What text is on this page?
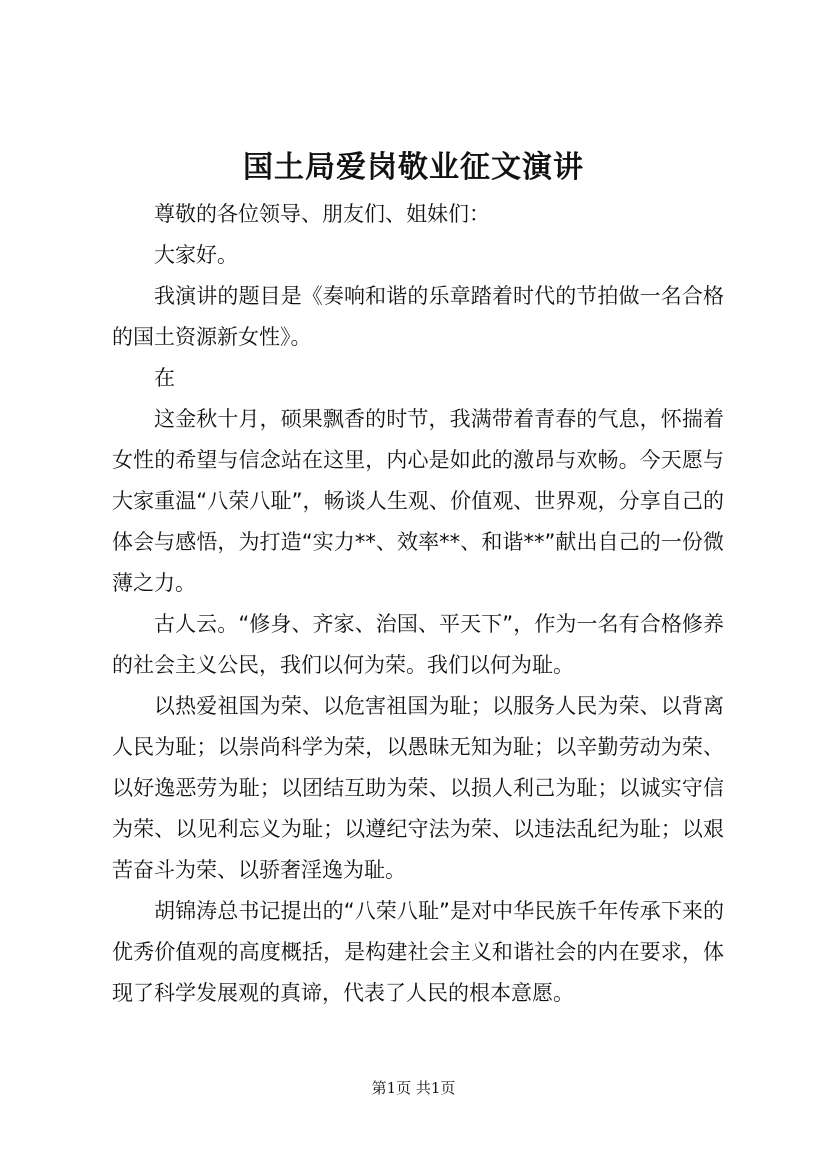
国土局爱岗敬业征文演讲

尊敬的各位领导、朋友们、姐妹们：

大家好。

我演讲的题目是《奏响和谐的乐章踏着时代的节拍做一名合格的国土资源新女性》。

在

这金秋十月，硕果飘香的时节，我满带着青春的气息，怀揣着女性的希望与信念站在这里，内心是如此的激昂与欢畅。今天愿与大家重温“八荣八耻”，畅谈人生观、价值观、世界观，分享自己的体会与感悟，为打造“实力**、效率**、和谐**”献出自己的一份微薄之力。

古人云。“修身、齐家、治国、平天下”，作为一名有合格修养的社会主义公民，我们以何为荣。我们以何为耻。

以热爱祖国为荣、以危害祖国为耻；以服务人民为荣、以背离人民为耻；以崇尚科学为荣，以愚昧无知为耻；以辛勤劳动为荣、以好逸恶劳为耻；以团结互助为荣、以损人利己为耻；以诚实守信为荣、以见利忘义为耻；以遵纪守法为荣、以违法乱纪为耻；以艰苦奋斗为荣、以骄奢淫逸为耻。

胡锦涛总书记提出的“八荣八耻”是对中华民族千年传承下来的优秀价值观的高度概括，是构建社会主义和谐社会的内在要求，体现了科学发展观的真谛，代表了人民的根本意愿。

第1页 共1页
